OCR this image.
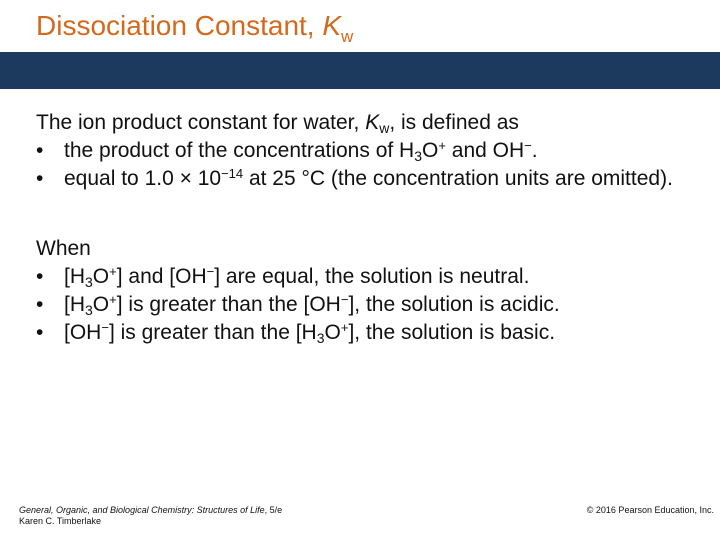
Dissociation Constant, $K_w$

The ion product constant for water, $K_w$, is defined as

• the product of the concentrations of $H_3O^+$ and OH−.

• equal to $1.0 \times 10^{-14}$ at 25 °C (the concentration units are omitted).

When

• $[H_3O^+]$ and [OH−] are equal, the solution is neutral.

• $[H_3O^+]$ is greater than the [OH−], the solution is acidic.

• [OH−] is greater than the $[H_3O^+]$, the solution is basic.

General, Organic, and Biological Chemistry: Structures of Life, 5/e
Karen C. Timberlake
© 2016 Pearson Education, Inc.
